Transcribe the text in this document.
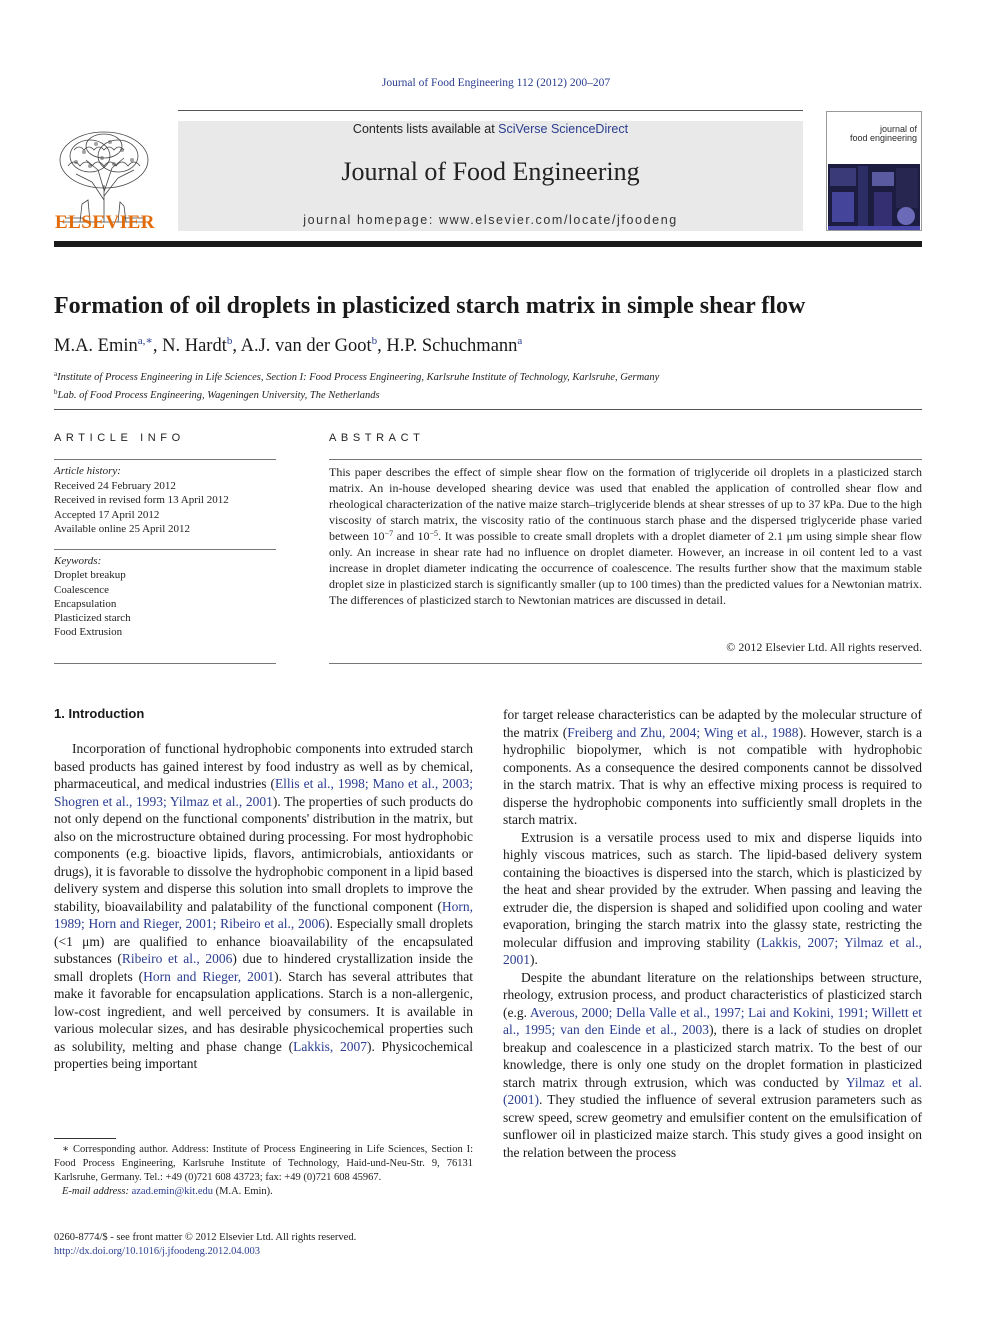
Journal of Food Engineering 112 (2012) 200–207
ELSEVIER
Contents lists available at SciVerse ScienceDirect
Journal of Food Engineering
journal homepage: www.elsevier.com/locate/jfoodeng
journal of
food engineering
Formation of oil droplets in plasticized starch matrix in simple shear flow
M.A. Emin$^{a,∗}$, N. Hardt$^b$, A.J. van der Goot$^b$, H.P. Schuchmann$^a$
$^a$Institute of Process Engineering in Life Sciences, Section I: Food Process Engineering, Karlsruhe Institute of Technology, Karlsruhe, Germany
$^b$Lab. of Food Process Engineering, Wageningen University, The Netherlands
ARTICLE INFO	ABSTRACT
Article history:
Received 24 February 2012
Received in revised form 13 April 2012
Accepted 17 April 2012
Available online 25 April 2012
Keywords:
Droplet breakup
Coalescence
Encapsulation
Plasticized starch
Food Extrusion
This paper describes the effect of simple shear flow on the formation of triglyceride oil droplets in a plasticized starch matrix. An in-house developed shearing device was used that enabled the application of controlled shear flow and rheological characterization of the native maize starch–triglyceride blends at shear stresses of up to 37 kPa. Due to the high viscosity of starch matrix, the viscosity ratio of the continuous starch phase and the dispersed triglyceride phase varied between $10^{-7}$ and $10^{-5}$. It was possible to create small droplets with a droplet diameter of 2.1 μm using simple shear flow only. An increase in shear rate had no influence on droplet diameter. However, an increase in oil content led to a vast increase in droplet diameter indicating the occurrence of coalescence. The results further show that the maximum stable droplet size in plasticized starch is significantly smaller (up to 100 times) than the predicted values for a Newtonian matrix. The differences of plasticized starch to Newtonian matrices are discussed in detail.
© 2012 Elsevier Ltd. All rights reserved.
1. Introduction

Incorporation of functional hydrophobic components into extruded starch based products has gained interest by food industry as well as by chemical, pharmaceutical, and medical industries (Ellis et al., 1998; Mano et al., 2003; Shogren et al., 1993; Yilmaz et al., 2001). The properties of such products do not only depend on the functional components' distribution in the matrix, but also on the microstructure obtained during processing. For most hydrophobic components (e.g. bioactive lipids, flavors, antimicrobials, antioxidants or drugs), it is favorable to dissolve the hydrophobic component in a lipid based delivery system and disperse this solution into small droplets to improve the stability, bioavailability and palatability of the functional component (Horn, 1989; Horn and Rieger, 2001; Ribeiro et al., 2006). Especially small droplets (<1 μm) are qualified to enhance bioavailability of the encapsulated substances (Ribeiro et al., 2006) due to hindered crystallization inside the small droplets (Horn and Rieger, 2001). Starch has several attributes that make it favorable for encapsulation applications. Starch is a non-allergenic, low-cost ingredient, and well perceived by consumers. It is available in various molecular sizes, and has desirable physicochemical properties such as solubility, melting and phase change (Lakkis, 2007). Physicochemical properties being important

for target release characteristics can be adapted by the molecular structure of the matrix (Freiberg and Zhu, 2004; Wing et al., 1988). However, starch is a hydrophilic biopolymer, which is not compatible with hydrophobic components. As a consequence the desired components cannot be dissolved in the starch matrix. That is why an effective mixing process is required to disperse the hydrophobic components into sufficiently small droplets in the starch matrix.

Extrusion is a versatile process used to mix and disperse liquids into highly viscous matrices, such as starch. The lipid-based delivery system containing the bioactives is dispersed into the starch, which is plasticized by the heat and shear provided by the extruder. When passing and leaving the extruder die, the dispersion is shaped and solidified upon cooling and water evaporation, bringing the starch matrix into the glassy state, restricting the molecular diffusion and improving stability (Lakkis, 2007; Yilmaz et al., 2001).

Despite the abundant literature on the relationships between structure, rheology, extrusion process, and product characteristics of plasticized starch (e.g. Averous, 2000; Della Valle et al., 1997; Lai and Kokini, 1991; Willett et al., 1995; van den Einde et al., 2003), there is a lack of studies on droplet breakup and coalescence in a plasticized starch matrix. To the best of our knowledge, there is only one study on the droplet formation in plasticized starch matrix through extrusion, which was conducted by Yilmaz et al. (2001). They studied the influence of several extrusion parameters such as screw speed, screw geometry and emulsifier content on the emulsification of sunflower oil in plasticized maize starch. This study gives a good insight on the relation between the process

∗ Corresponding author. Address: Institute of Process Engineering in Life Sciences, Section I: Food Process Engineering, Karlsruhe Institute of Technology, Haid-und-Neu-Str. 9, 76131 Karlsruhe, Germany. Tel.: +49 (0)721 608 43723; fax: +49 (0)721 608 45967.

E-mail address: azad.emin@kit.edu (M.A. Emin).

0260-8774/$ - see front matter © 2012 Elsevier Ltd. All rights reserved.
http://dx.doi.org/10.1016/j.jfoodeng.2012.04.003
